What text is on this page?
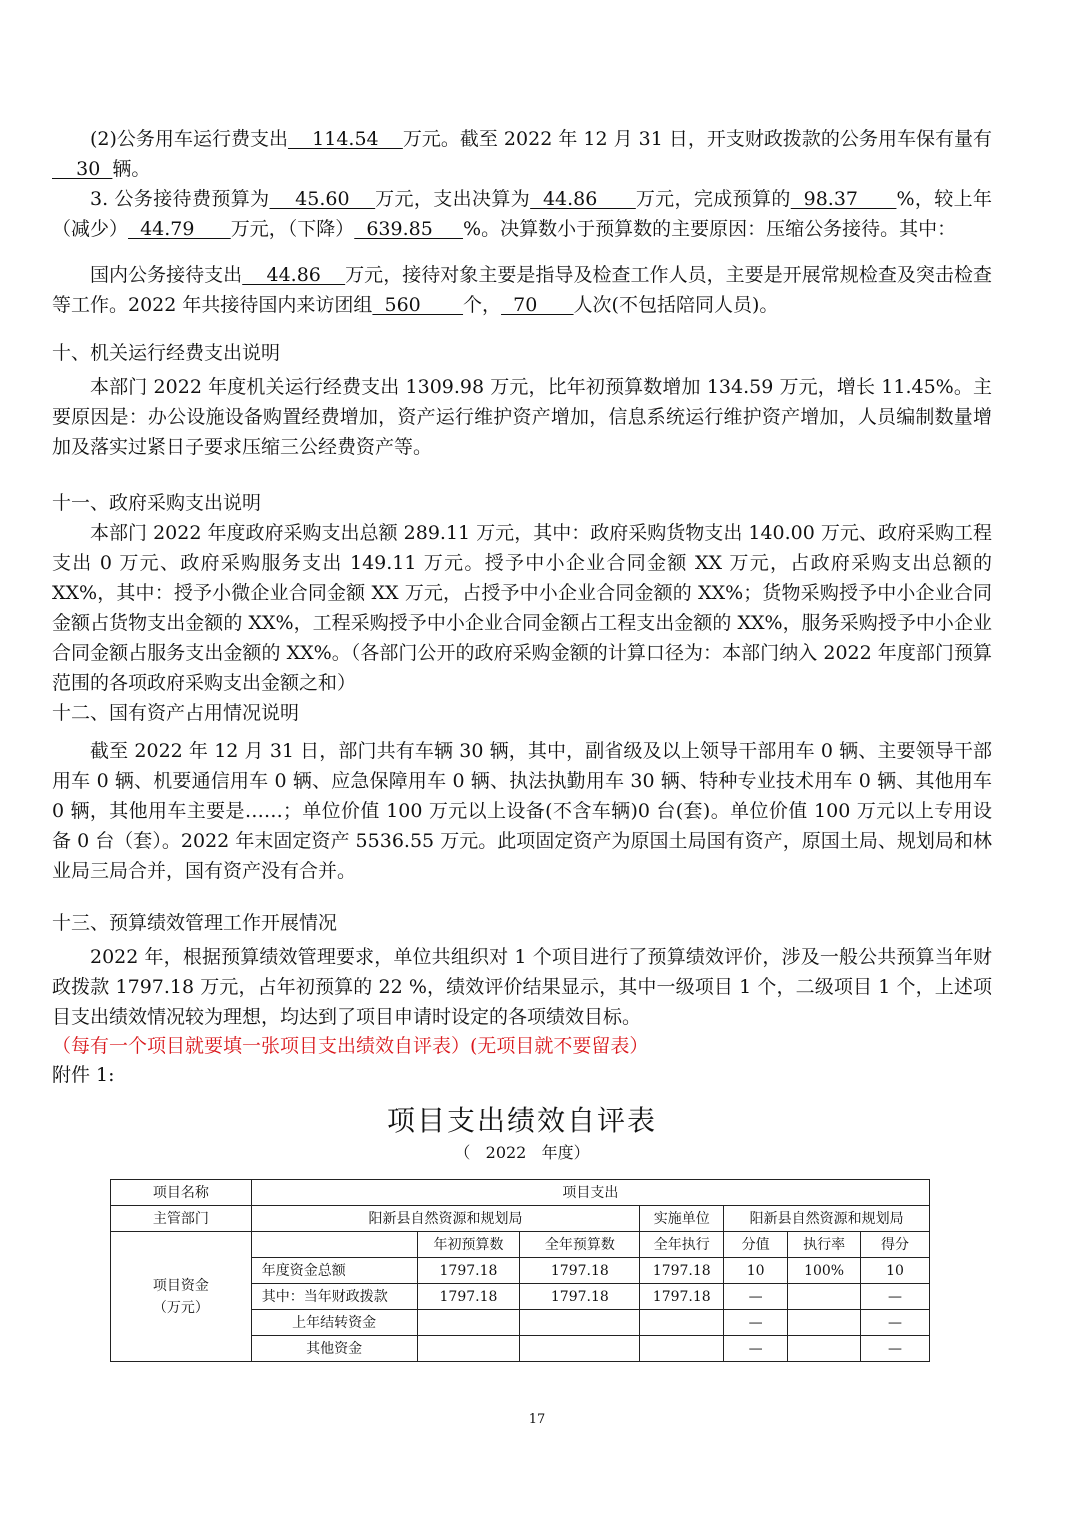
(2)公务用车运行费支出    114.54    万元。截至 2022 年 12 月 31 日，开支财政拨款的公务用车保有量有    30  辆。

3. 公务接待费预算为    45.60    万元，支出决算为  44.86      万元，完成预算的  98.37      %，较上年（减少）  44.79      万元，（下降）  639.85     %。决算数小于预算数的主要原因：压缩公务接待。其中：

国内公务接待支出    44.86    万元，接待对象主要是指导及检查工作人员，主要是开展常规检查及突击检查等工作。2022 年共接待国内来访团组  560       个，  70      人次(不包括陪同人员)。

十、机关运行经费支出说明

本部门 2022 年度机关运行经费支出 1309.98 万元，比年初预算数增加 134.59 万元，增长 11.45%。主要原因是：办公设施设备购置经费增加，资产运行维护资产增加，信息系统运行维护资产增加，人员编制数量增加及落实过紧日子要求压缩三公经费资产等。

十一、政府采购支出说明

本部门 2022 年度政府采购支出总额 289.11 万元，其中：政府采购货物支出 140.00 万元、政府采购工程支出 0 万元、政府采购服务支出 149.11 万元。授予中小企业合同金额 XX 万元，占政府采购支出总额的 XX%，其中：授予小微企业合同金额 XX 万元，占授予中小企业合同金额的 XX%；货物采购授予中小企业合同金额占货物支出金额的 XX%，工程采购授予中小企业合同金额占工程支出金额的 XX%，服务采购授予中小企业合同金额占服务支出金额的 XX%。（各部门公开的政府采购金额的计算口径为：本部门纳入 2022 年度部门预算范围的各项政府采购支出金额之和）

十二、国有资产占用情况说明

截至 2022 年 12 月 31 日，部门共有车辆 30 辆，其中，副省级及以上领导干部用车 0 辆、主要领导干部用车 0 辆、机要通信用车 0 辆、应急保障用车 0 辆、执法执勤用车 30 辆、特种专业技术用车 0 辆、其他用车 0 辆，其他用车主要是……；单位价值 100 万元以上设备(不含车辆)0 台(套)。单位价值 100 万元以上专用设备 0 台（套）。2022 年末固定资产 5536.55 万元。此项固定资产为原国土局国有资产，原国土局、规划局和林业局三局合并，国有资产没有合并。

十三、预算绩效管理工作开展情况

2022 年，根据预算绩效管理要求，单位共组织对 1 个项目进行了预算绩效评价，涉及一般公共预算当年财政拨款 1797.18 万元，占年初预算的 22 %，绩效评价结果显示，其中一级项目 1 个，二级项目 1 个，上述项目支出绩效情况较为理想，均达到了项目申请时设定的各项绩效目标。

（每有一个项目就要填一张项目支出绩效自评表）(无项目就不要留表）

附件 1:

项目支出绩效自评表

（   2022   年度）

项目名称	项目支出						
主管部门	阳新县自然资源和规划局			实施单位	阳新县自然资源和规划局		
项目资金
（万元）		年初预算数	全年预算数	全年执行	分值	执行率	得分
	年度资金总额	1797.18	1797.18	1797.18	10	100%	10
	其中：当年财政拨款	1797.18	1797.18	1797.18	—		—
	上年结转资金				—		—
	其他资金				—		—
17
